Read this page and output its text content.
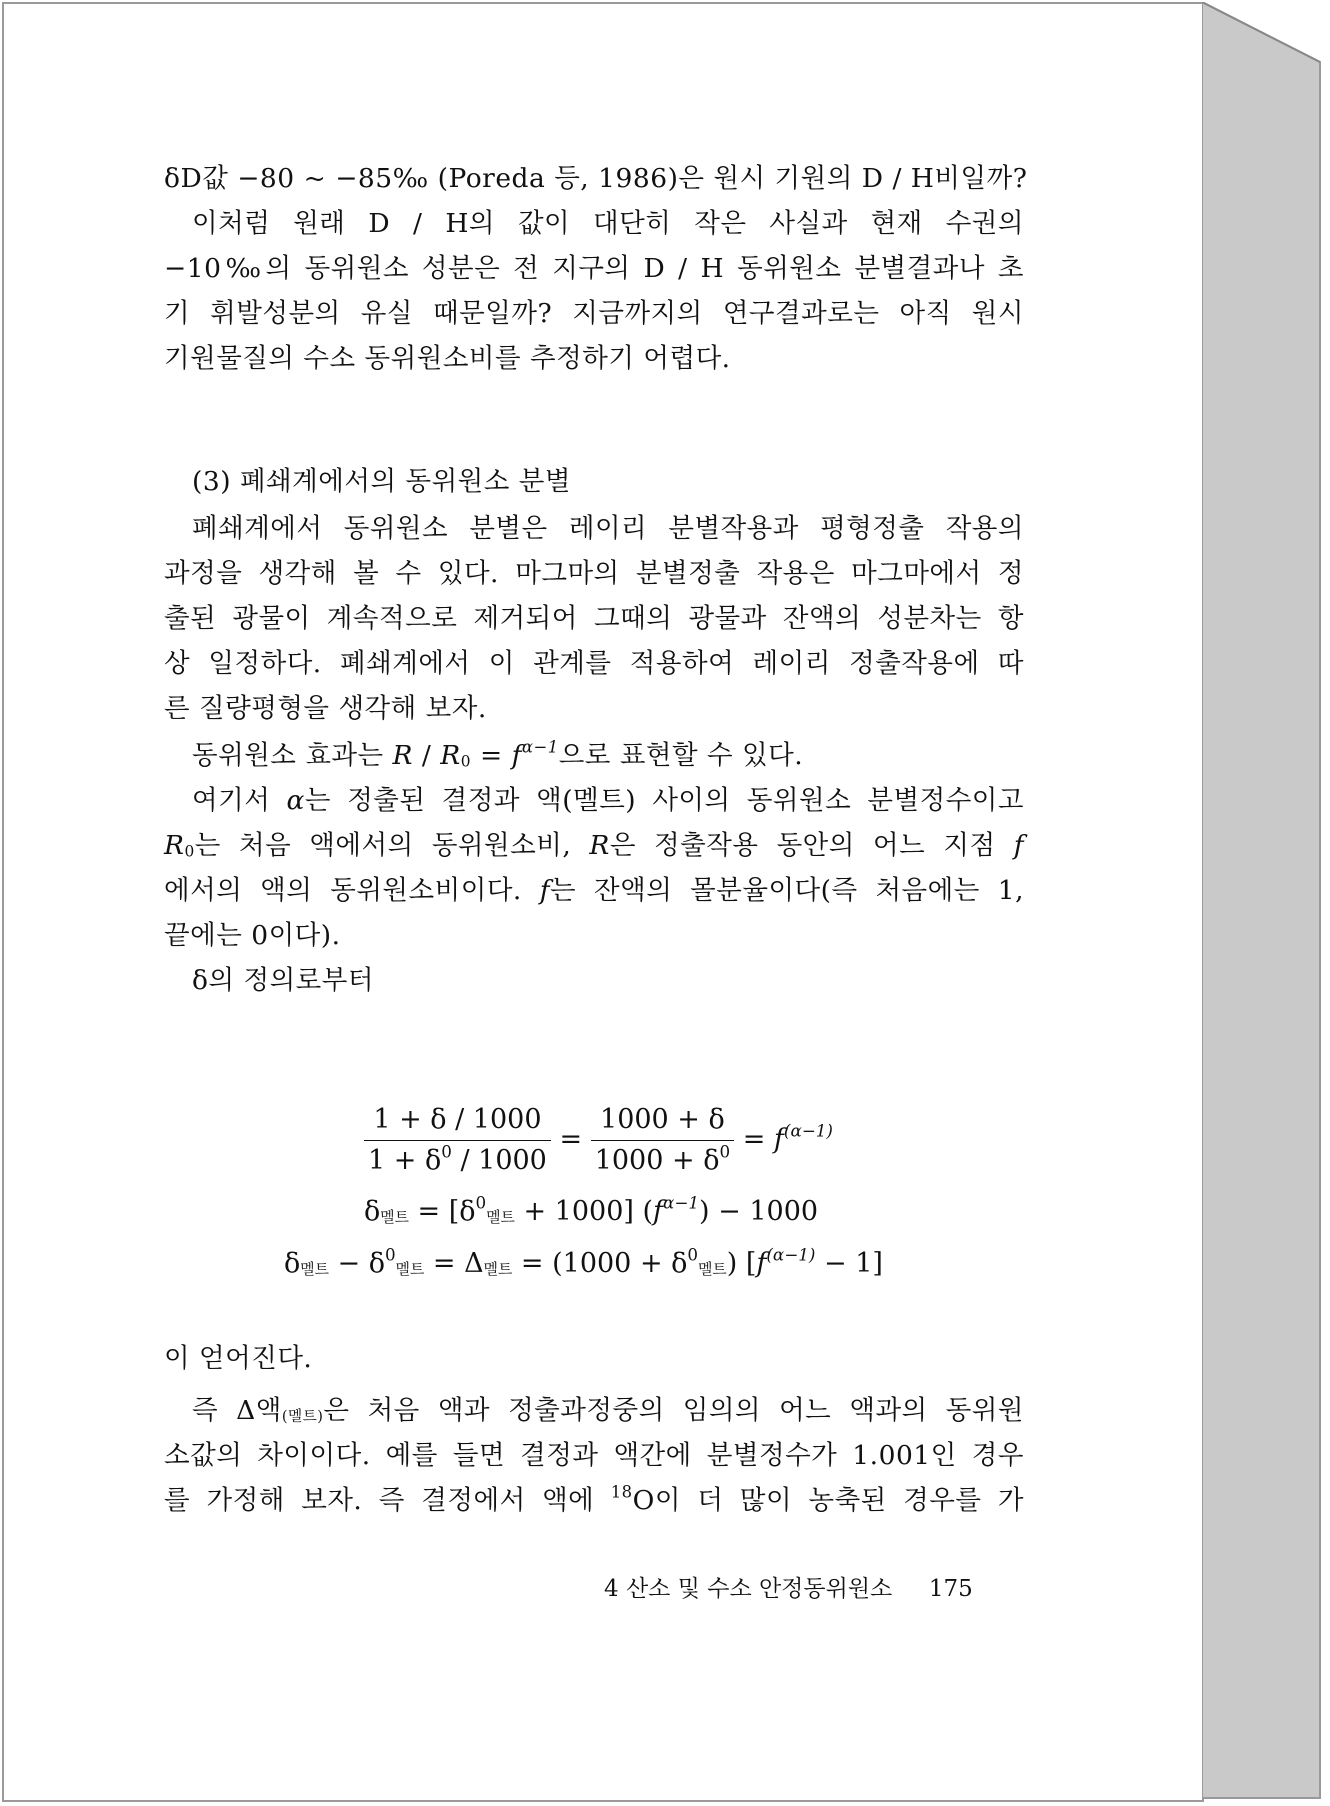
δD값 −80 ~ −85‰ (Poreda 등, 1986)은 원시 기원의 D / H비일까?
이처럼 원래 D / H의 값이 대단히 작은 사실과 현재 수권의
−10‰의 동위원소 성분은 전 지구의 D / H 동위원소 분별결과나 초
기 휘발성분의 유실 때문일까? 지금까지의 연구결과로는 아직 원시
기원물질의 수소 동위원소비를 추정하기 어렵다.
(3) 폐쇄계에서의 동위원소 분별
폐쇄계에서 동위원소 분별은 레이리 분별작용과 평형정출 작용의
과정을 생각해 볼 수 있다. 마그마의 분별정출 작용은 마그마에서 정
출된 광물이 계속적으로 제거되어 그때의 광물과 잔액의 성분차는 항
상 일정하다. 폐쇄계에서 이 관계를 적용하여 레이리 정출작용에 따
른 질량평형을 생각해 보자.
동위원소 효과는 $R / R_0 = f^{\alpha-1}$으로 표현할 수 있다.
여기서 α는 정출된 결정과 액(멜트) 사이의 동위원소 분별정수이고
$R_0$는 처음 액에서의 동위원소비, R은 정출작용 동안의 어느 지점 f
에서의 액의 동위원소비이다. f는 잔액의 몰분율이다(즉 처음에는 1,
끝에는 0이다).
δ의 정의로부터
$\frac{1 + \delta / 1000}{1 + \delta^0 / 1000} = \frac{1000 + \delta}{1000 + \delta^0} = f^{(\alpha-1)}$
$\delta_{멜트} = [\delta^0_{멜트} + 1000] (f^{\alpha-1}) - 1000$
$\delta_{멜트} - \delta^0_{멜트} = \Delta_{멜트} = (1000 + \delta^0_{멜트}) [f^{(\alpha-1)} - 1]$
이 얻어진다.
즉 Δ액$_{(멜트)}$은 처음 액과 정출과정중의 임의의 어느 액과의 동위원
소값의 차이이다. 예를 들면 결정과 액간에 분별정수가 1.001인 경우
를 가정해 보자. 즉 결정에서 액에 $^{18}$O이 더 많이 농축된 경우를 가
4 산소 및 수소 안정동위원소 175
